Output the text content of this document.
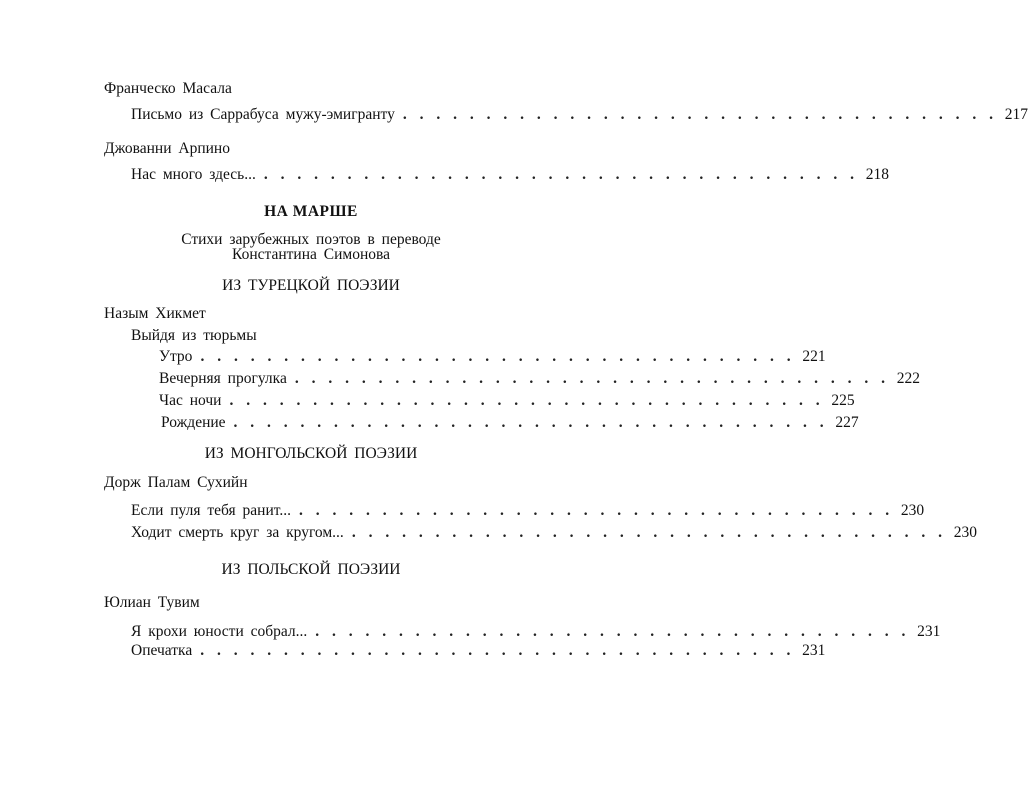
Франческо Масала
Письмо из Саррабуса мужу-эмигранту . . . . . . . . . . . . . . . . . . . . . . . . . . . . . . . . . . . . 217
Джованни Арпино
Нас много здесь... . . . . . . . . . . . . . . . . . . . . . . . . . . . . . . . . . . . . 218
НА МАРШЕ
Стихи зарубежных поэтов в переводе
Константина Симонова
ИЗ ТУРЕЦКОЙ ПОЭЗИИ
Назым Хикмет
Выйдя из тюрьмы
Утро . . . . . . . . . . . . . . . . . . . . . . . . . . . . . . . . . . . . 221
Вечерняя прогулка . . . . . . . . . . . . . . . . . . . . . . . . . . . . . . . . . . . . 222
Час ночи . . . . . . . . . . . . . . . . . . . . . . . . . . . . . . . . . . . . 225
Рождение . . . . . . . . . . . . . . . . . . . . . . . . . . . . . . . . . . . . 227
ИЗ МОНГОЛЬСКОЙ ПОЭЗИИ
Дорж Палам Сухийн
Если пуля тебя ранит... . . . . . . . . . . . . . . . . . . . . . . . . . . . . . . . . . . . . 230
Ходит смерть круг за кругом... . . . . . . . . . . . . . . . . . . . . . . . . . . . . . . . . . . . . 230
ИЗ ПОЛЬСКОЙ ПОЭЗИИ
Юлиан Тувим
Я крохи юности собрал... . . . . . . . . . . . . . . . . . . . . . . . . . . . . . . . . . . . . 231
Опечатка . . . . . . . . . . . . . . . . . . . . . . . . . . . . . . . . . . . . 231
